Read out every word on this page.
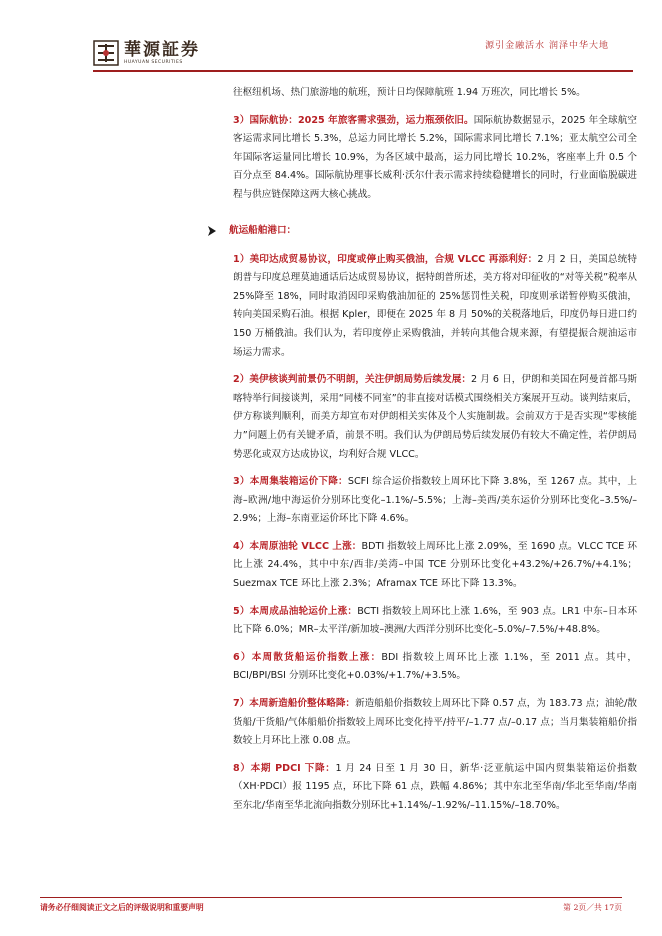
華源証券
HUAYUAN SECURITIES
源引金融活水 润泽中华大地
航运船舶港口：

往枢纽机场、热门旅游地的航班，预计日均保障航班 1.94 万班次，同比增长 5%。

3）国际航协：2025 年旅客需求强劲，运力瓶颈依旧。国际航协数据显示，2025 年全球航空客运需求同比增长 5.3%，总运力同比增长 5.2%，国际需求同比增长 7.1%；亚太航空公司全年国际客运量同比增长 10.9%，为各区域中最高，运力同比增长 10.2%，客座率上升 0.5 个百分点至 84.4%。国际航协理事长威利·沃尔什表示需求持续稳健增长的同时，行业面临脱碳进程与供应链保障这两大核心挑战。

1）美印达成贸易协议，印度或停止购买俄油，合规 VLCC 再添利好：2 月 2 日，美国总统特朗普与印度总理莫迪通话后达成贸易协议，据特朗普所述，美方将对印征收的“对等关税”税率从 25%降至 18%，同时取消因印采购俄油加征的 25%惩罚性关税，印度则承诺暂停购买俄油，转向美国采购石油。根据 Kpler，即便在 2025 年 8 月 50%的关税落地后，印度仍每日进口约 150 万桶俄油。我们认为，若印度停止采购俄油，并转向其他合规来源，有望提振合规油运市场运力需求。

2）美伊核谈判前景仍不明朗，关注伊朗局势后续发展：2 月 6 日，伊朗和美国在阿曼首都马斯喀特举行间接谈判，采用“同楼不同室”的非直接对话模式围绕相关方案展开互动。谈判结束后，伊方称谈判顺利，而美方却宣布对伊朗相关实体及个人实施制裁。会前双方于是否实现“零核能力”问题上仍有关键矛盾，前景不明。我们认为伊朗局势后续发展仍有较大不确定性，若伊朗局势恶化或双方达成协议，均利好合规 VLCC。

3）本周集装箱运价下降：SCFI 综合运价指数较上周环比下降 3.8%，至 1267 点。其中，上海–欧洲/地中海运价分别环比变化–1.1%/–5.5%；上海–美西/美东运价分别环比变化–3.5%/–2.9%；上海–东南亚运价环比下降 4.6%。

4）本周原油轮 VLCC 上涨：BDTI 指数较上周环比上涨 2.09%，至 1690 点。VLCC TCE 环比上涨 24.4%，其中中东/西非/美湾–中国 TCE 分别环比变化+43.2%/+26.7%/+4.1%；Suezmax TCE 环比上涨 2.3%；Aframax TCE 环比下降 13.3%。

5）本周成品油轮运价上涨：BCTI 指数较上周环比上涨 1.6%，至 903 点。LR1 中东–日本环比下降 6.0%；MR–太平洋/新加坡–澳洲/大西洋分别环比变化–5.0%/–7.5%/+48.8%。

6）本周散货船运价指数上涨：BDI 指数较上周环比上涨 1.1%，至 2011 点。其中，BCI/BPI/BSI 分别环比变化+0.03%/+1.7%/+3.5%。

7）本周新造船价整体略降：新造船船价指数较上周环比下降 0.57 点，为 183.73 点；油轮/散货船/干货船/气体船船价指数较上周环比变化持平/持平/–1.77 点/–0.17 点；当月集装箱船价指数较上月环比上涨 0.08 点。

8）本期 PDCI 下降：1 月 24 日至 1 月 30 日，新华·泛亚航运中国内贸集装箱运价指数（XH·PDCI）报 1195 点，环比下降 61 点，跌幅 4.86%；其中东北至华南/华北至华南/华南至东北/华南至华北流向指数分别环比+1.14%/–1.92%/–11.15%/–18.70%。

请务必仔细阅读正文之后的评级说明和重要声明	第 2页／共 17页
